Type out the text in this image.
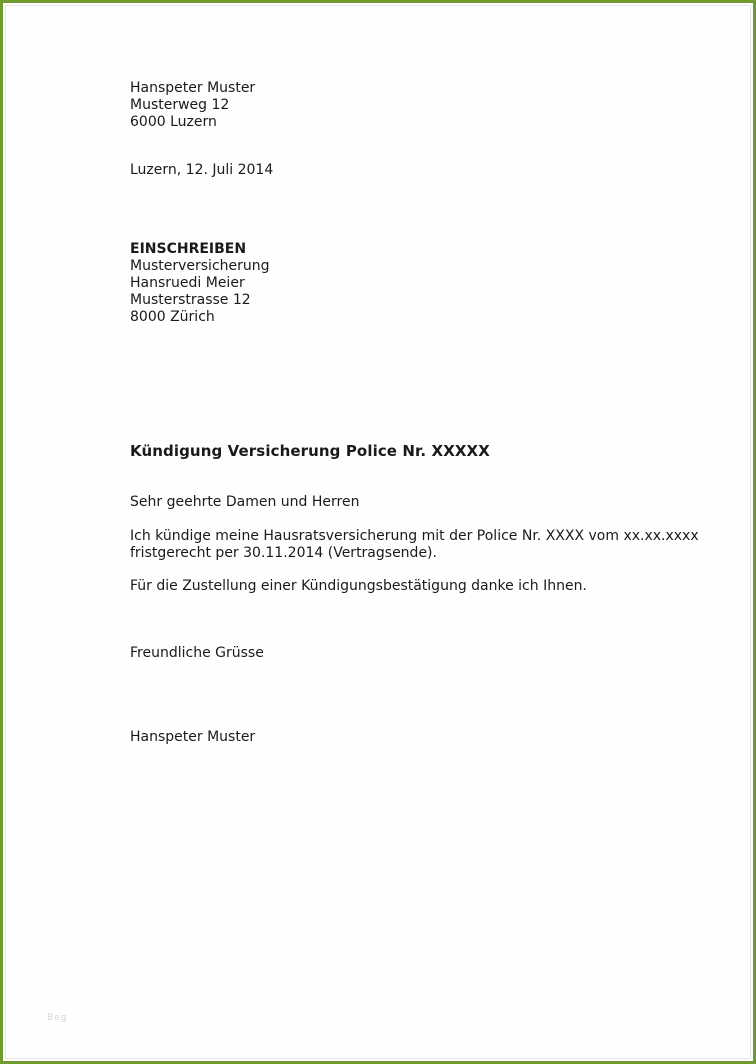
Hanspeter Muster
Musterweg 12
6000 Luzern
Luzern, 12. Juli 2014
EINSCHREIBEN
Musterversicherung
Hansruedi Meier
Musterstrasse 12
8000 Zürich
Kündigung Versicherung Police Nr. XXXXX
Sehr geehrte Damen und Herren
Ich kündige meine Hausratsversicherung mit der Police Nr. XXXX vom xx.xx.xxxx
fristgerecht per 30.11.2014 (Vertragsende).
Für die Zustellung einer Kündigungsbestätigung danke ich Ihnen.
Freundliche Grüsse
Hanspeter Muster
Beg
